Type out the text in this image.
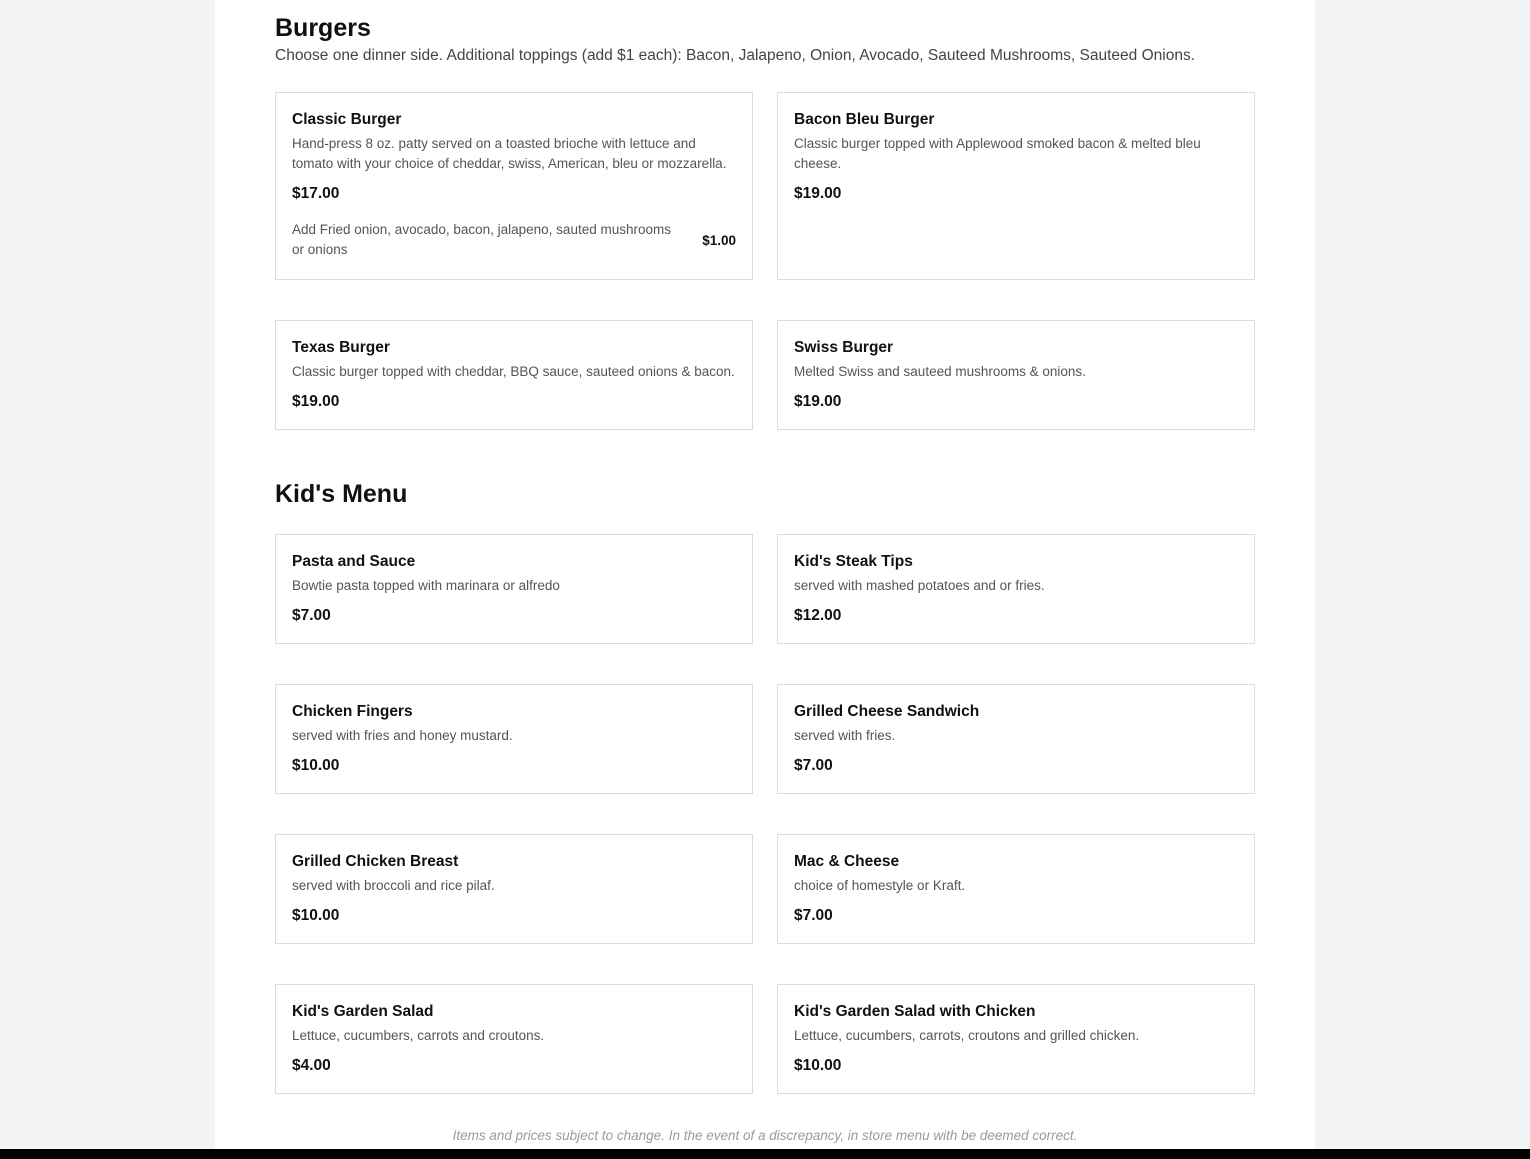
Burgers

Choose one dinner side. Additional toppings (add $1 each): Bacon, Jalapeno, Onion, Avocado, Sauteed Mushrooms, Sauteed Onions.

Classic Burger
Hand-press 8 oz. patty served on a toasted brioche with lettuce and tomato with your choice of cheddar, swiss, American, bleu or mozzarella.
$17.00
Add Fried onion, avocado, bacon, jalapeno, sauted mushrooms or onions
$1.00
Bacon Bleu Burger
Classic burger topped with Applewood smoked bacon & melted bleu cheese.
$19.00
Texas Burger
Classic burger topped with cheddar, BBQ sauce, sauteed onions & bacon.
$19.00
Swiss Burger
Melted Swiss and sauteed mushrooms & onions.
$19.00
Kid's Menu
Pasta and Sauce
Bowtie pasta topped with marinara or alfredo
$7.00
Kid's Steak Tips
served with mashed potatoes and or fries.
$12.00
Chicken Fingers
served with fries and honey mustard.
$10.00
Grilled Cheese Sandwich
served with fries.
$7.00
Grilled Chicken Breast
served with broccoli and rice pilaf.
$10.00
Mac & Cheese
choice of homestyle or Kraft.
$7.00
Kid's Garden Salad
Lettuce, cucumbers, carrots and croutons.
$4.00
Kid's Garden Salad with Chicken
Lettuce, cucumbers, carrots, croutons and grilled chicken.
$10.00
Items and prices subject to change. In the event of a discrepancy, in store menu with be deemed correct.
